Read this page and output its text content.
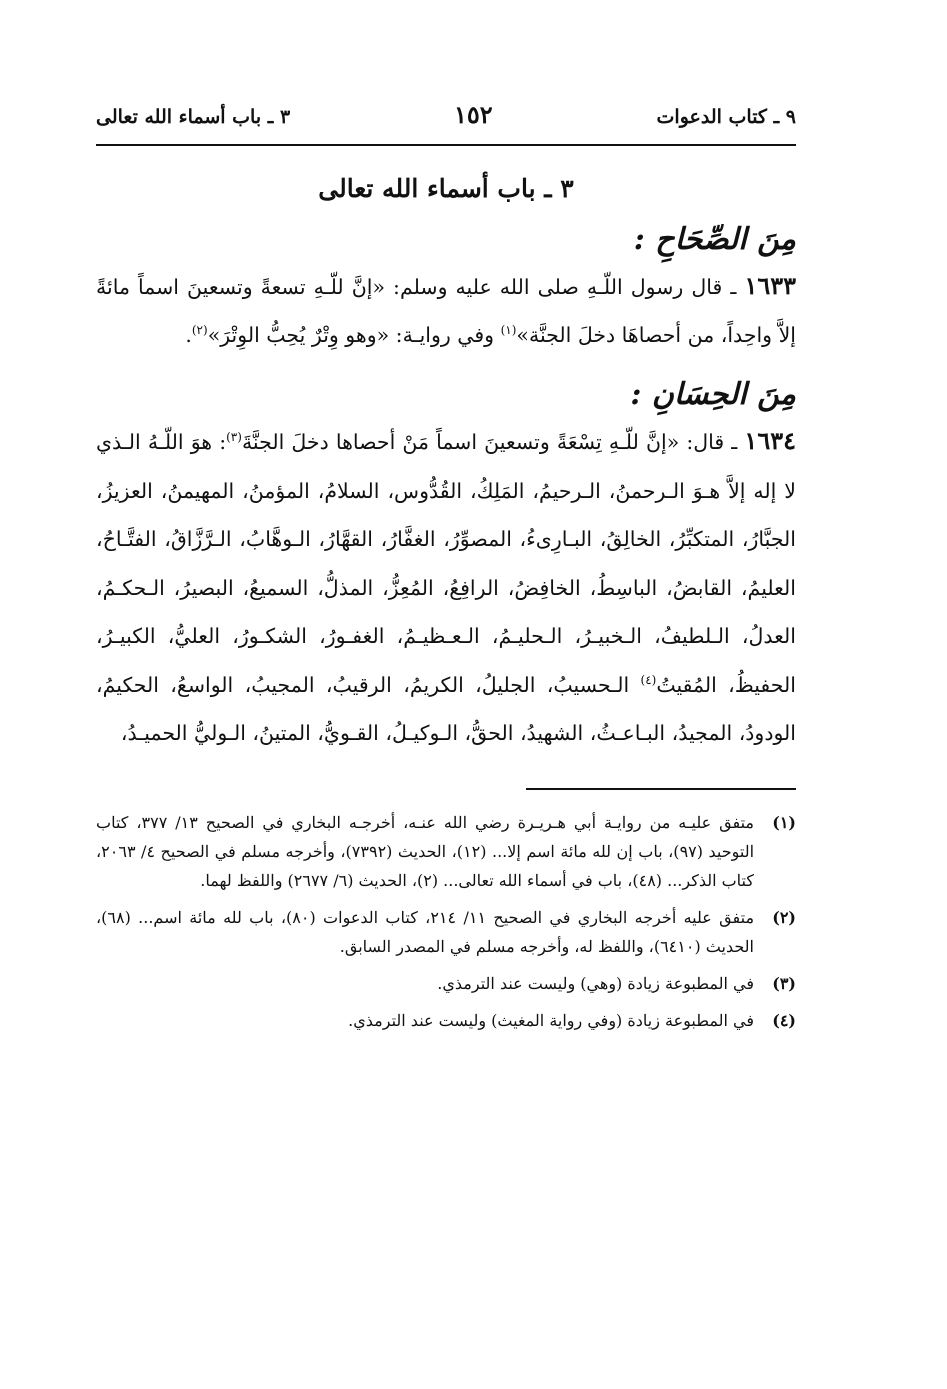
٩ ـ كتاب الدعوات
١٥٢
٣ ـ باب أسماء الله تعالى
٣ ـ باب أسماء الله تعالى
مِنَ الصِّحَاحِ :
١٦٣٣ ـ قال رسول اللّـهِ صلى الله عليه وسلم: «إنَّ للّـهِ تسعةً وتسعينَ اسماً مائةً إلاَّ واحِداً، من أحصاهَا دخلَ الجنَّة»$^{(١)}$ وفي روايـة: «وهو وِتْرٌ يُحِبُّ الوِتْرَ»$^{(٢)}$.
مِنَ الحِسَانِ :
١٦٣٤ ـ قال: «إنَّ للّـهِ تِسْعَةً وتسعينَ اسماً مَنْ أحصاها دخلَ الجنَّةَ$^{(٣)}$: هوَ اللّـهُ الـذي لا إله إلاَّ هـوَ الـرحمنُ، الـرحيمُ، المَلِكُ، القُدُّوس، السلامُ، المؤمنُ، المهيمنُ، العزيزُ، الجبَّارُ، المتكبِّرُ، الخالِقُ، البـارِىءُ، المصوِّرُ، الغفَّارُ، القهَّارُ، الـوهَّابُ، الـرَّزَّاقُ، الفتَّـاحُ، العليمُ، القابضُ، الباسِطُ، الخافِضُ، الرافِعُ، المُعِزُّ، المذلُّ، السميعُ، البصيرُ، الـحكـمُ، العدلُ، الـلطيفُ، الـخبيـرُ، الـحليـمُ، الـعـظيـمُ، الغفـورُ، الشكـورُ، العليُّ، الكبيـرُ، الحفيظُ، المُقيتُ$^{(٤)}$ الـحسيبُ، الجليلُ، الكريمُ، الرقيبُ، المجيبُ، الواسعُ، الحكيمُ، الودودُ، المجيدُ، البـاعـثُ، الشهيدُ، الحقُّ، الـوكيـلُ، القـويُّ، المتينُ، الـوليُّ الحميـدُ،
(١)
متفق عليـه من روايـة أبي هـريـرة رضي الله عنـه، أخرجـه البخاري في الصحيح ١٣/ ٣٧٧، كتاب التوحيد (٩٧)، باب إن لله مائة اسم إلا... (١٢)، الحديث (٧٣٩٢)، وأخرجه مسلم في الصحيح ٤/ ٢٠٦٣، كتاب الذكر... (٤٨)، باب في أسماء الله تعالى... (٢)، الحديث (٦/ ٢٦٧٧) واللفظ لهما.
(٢)
متفق عليه أخرجه البخاري في الصحيح ١١/ ٢١٤، كتاب الدعوات (٨٠)، باب لله مائة اسم... (٦٨)، الحديث (٦٤١٠)، واللفظ له، وأخرجه مسلم في المصدر السابق.
(٣)
في المطبوعة زيادة (وهي) وليست عند الترمذي.
(٤)
في المطبوعة زيادة (وفي رواية المغيث) وليست عند الترمذي.
